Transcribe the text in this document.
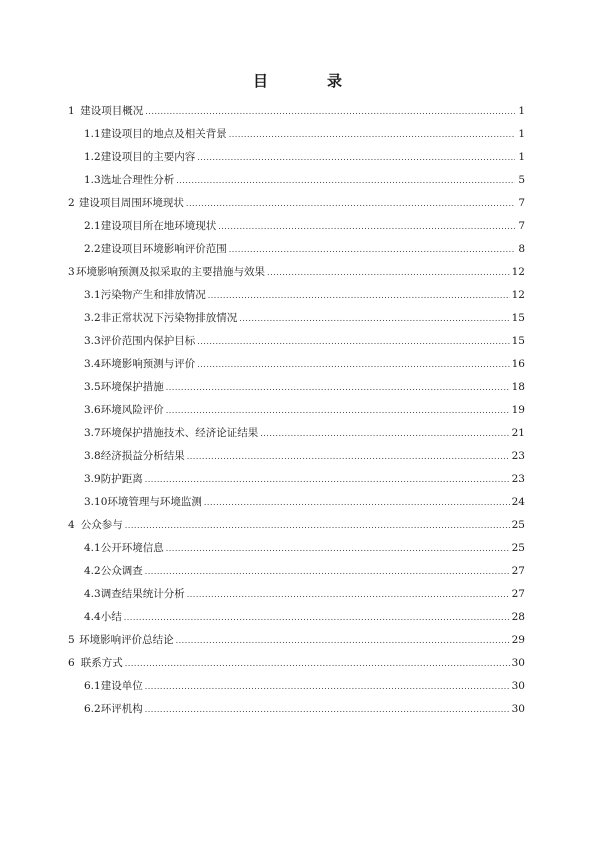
目　录
1 建设项目概况 .....	1
1.1 建设项目的地点及相关背景 .....	1
1.2 建设项目的主要内容 .....	1
1.3 选址合理性分析 .....	5
2 建设项目周围环境现状 .....	7
2.1 建设项目所在地环境现状 .....	7
2.2 建设项目环境影响评价范围 .....	8
3 环境影响预测及拟采取的主要措施与效果 .....	12
3.1 污染物产生和排放情况 .....	12
3.2 非正常状况下污染物排放情况 .....	15
3.3 评价范围内保护目标 .....	15
3.4 环境影响预测与评价 .....	16
3.5 环境保护措施 .....	18
3.6 环境风险评价 .....	19
3.7 环境保护措施技术、经济论证结果 .....	21
3.8 经济损益分析结果 .....	23
3.9 防护距离 .....	23
3.10 环境管理与环境监测 .....	24
4 公众参与 .....	25
4.1 公开环境信息 .....	25
4.2 公众调查 .....	27
4.3 调查结果统计分析 .....	27
4.4 小结 .....	28
5 环境影响评价总结论 .....	29
6 联系方式 .....	30
6.1 建设单位 .....	30
6.2 环评机构 .....	30
